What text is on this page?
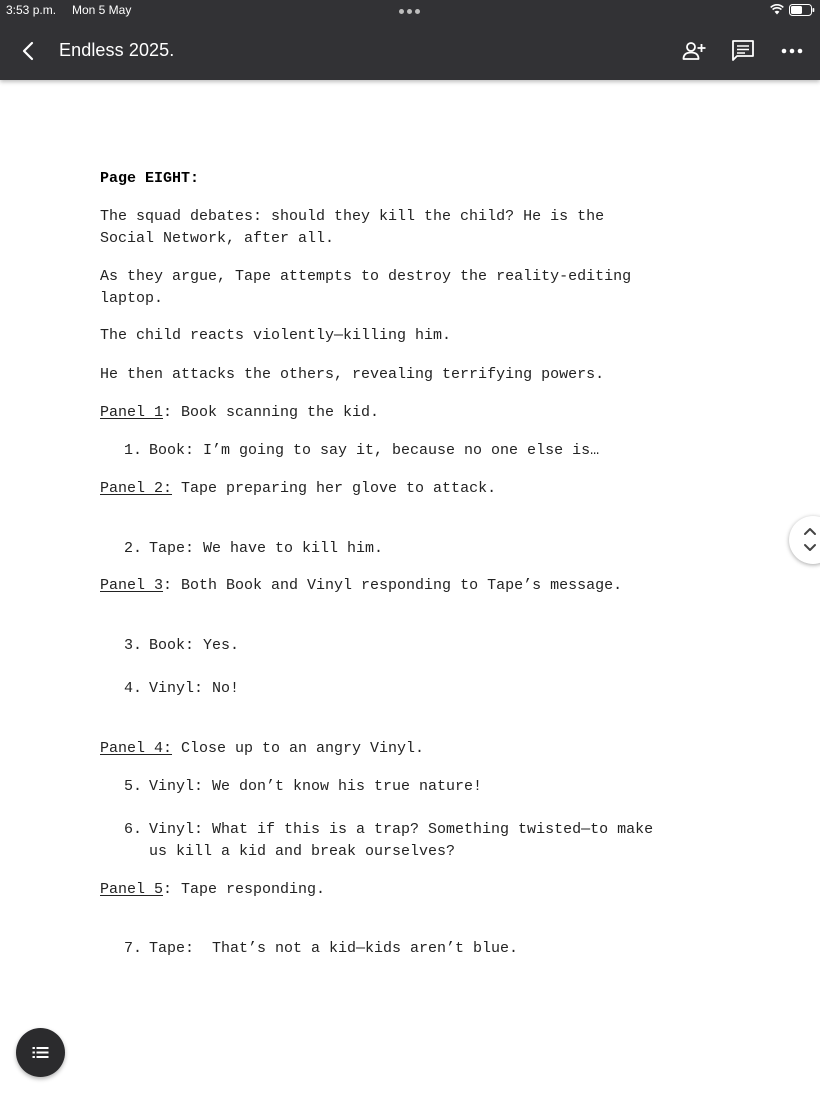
3:53 p.m. Mon 5 May
Endless 2025.
Page EIGHT:
The squad debates: should they kill the child? He is the
Social Network, after all.
As they argue, Tape attempts to destroy the reality-editing
laptop.
The child reacts violently—killing him.
He then attacks the others, revealing terrifying powers.
Panel 1: Book scanning the kid.
1. Book: I’m going to say it, because no one else is…
Panel 2: Tape preparing her glove to attack.
2. Tape: We have to kill him.
Panel 3: Both Book and Vinyl responding to Tape’s message.
3. Book: Yes.
4. Vinyl: No!
Panel 4: Close up to an angry Vinyl.
5. Vinyl: We don’t know his true nature!
6. Vinyl: What if this is a trap? Something twisted—to make
us kill a kid and break ourselves?
Panel 5: Tape responding.
7. Tape:  That’s not a kid—kids aren’t blue.
